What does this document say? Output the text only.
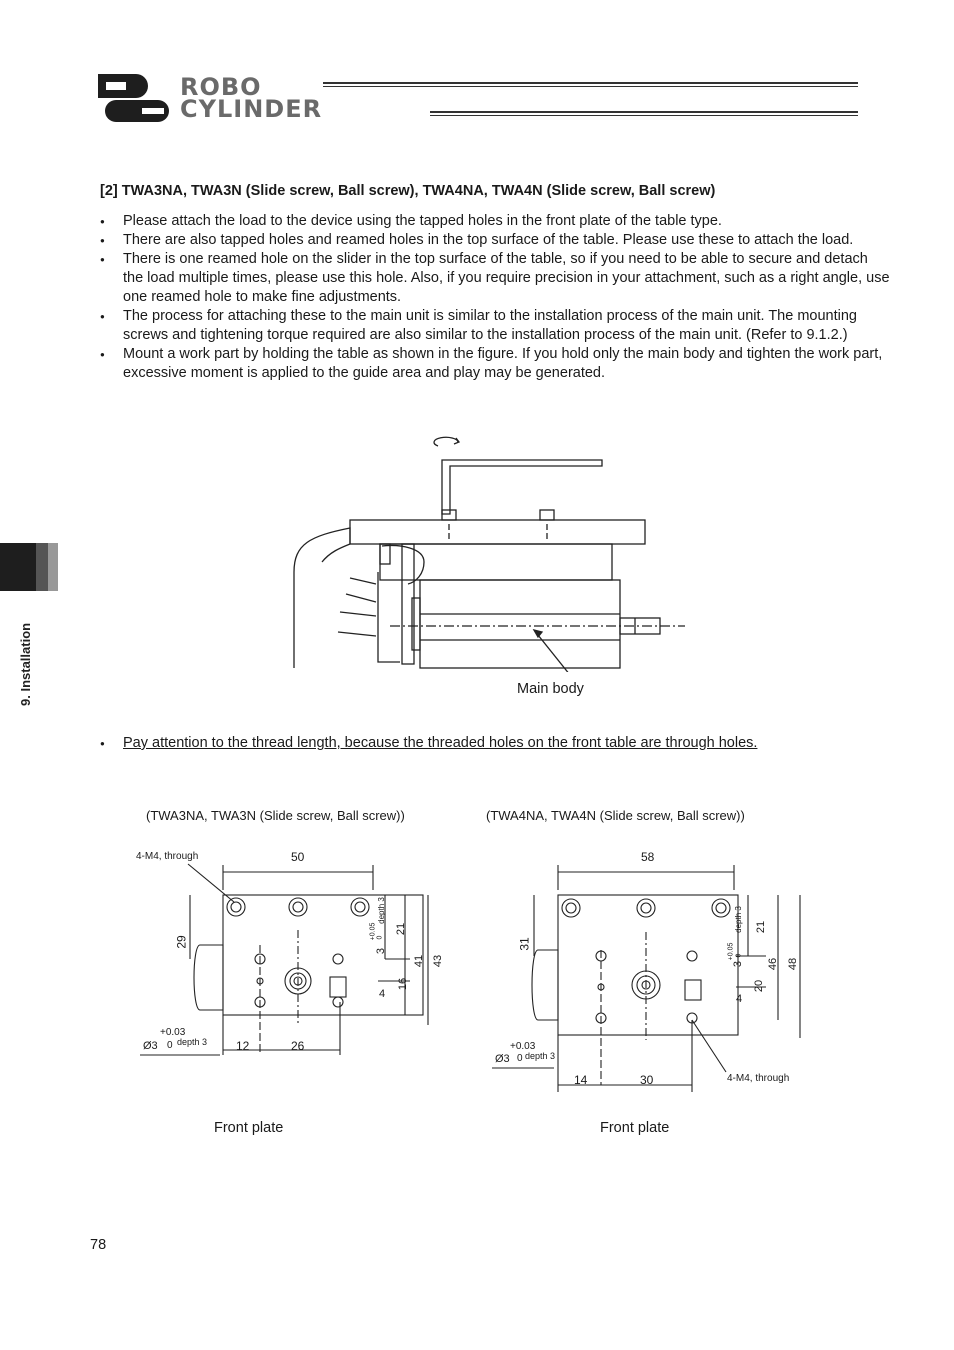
ROBO
CYLINDER
9. Installation
[2] TWA3NA, TWA3N (Slide screw, Ball screw), TWA4NA, TWA4N (Slide screw, Ball screw)
● Please attach the load to the device using the tapped holes in the front plate of the table type.
● There are also tapped holes and reamed holes in the top surface of the table. Please use these to attach the load.
● There is one reamed hole on the slider in the top surface of the table, so if you need to be able to secure and detach the load multiple times, please use this hole. Also, if you require precision in your attachment, such as a right angle, use one reamed hole to make fine adjustments.
● The process for attaching these to the main unit is similar to the installation process of the main unit. The mounting screws and tightening torque required are also similar to the installation process of the main unit. (Refer to 9.1.2.)
● Mount a work part by holding the table as shown in the figure. If you hold only the main body and tighten the work part, excessive moment is applied to the guide area and play may be generated.
Main body
● Pay attention to the thread length, because the threaded holes on the front table are through holes.
(TWA3NA, TWA3N (Slide screw, Ball screw))	(TWA4NA, TWA4N (Slide screw, Ball screw))
4-M4, through	50
29
21
41 43
16
4
3
+0.05 0
depth 3
12	26
Ø3
+0.03
0 depth 3
Front plate
58
31
21
46 48
20
4
3
+0.05 0
depth 3
14	30
Ø3
+0.03
0 depth 3
4-M4, through
Front plate
78
